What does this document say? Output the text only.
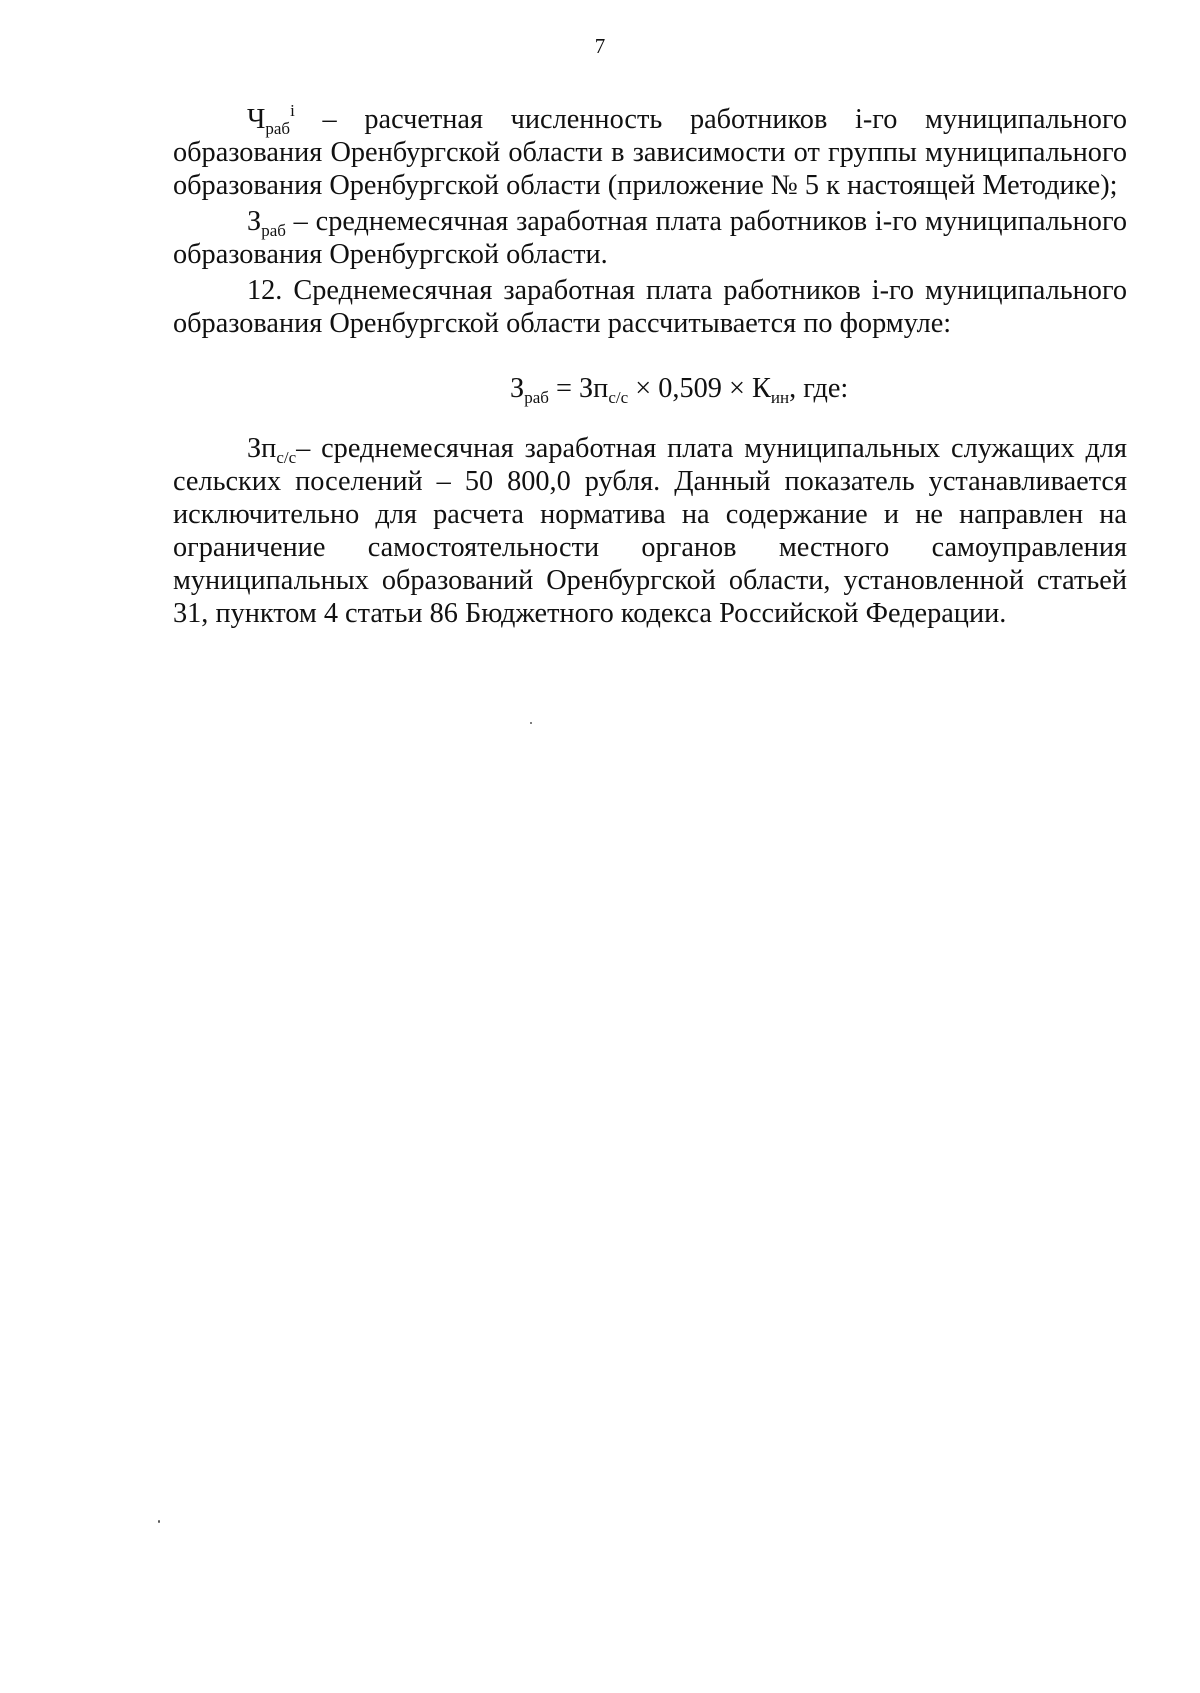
7

$Ч_{раб}^i$ – расчетная численность работников i-го муниципального образования Оренбургской области в зависимости от группы муниципального образования Оренбургской области (приложение № 5 к настоящей Методике);

$З_{раб}$ – среднемесячная заработная плата работников i-го муниципального образования Оренбургской области.

12. Среднемесячная заработная плата работников i-го муниципального образования Оренбургской области рассчитывается по формуле:

$З_{раб} = Зп_{с/с} \times 0,509 \times К_{ин}$, где:

$Зп_{с/с}-$ среднемесячная заработная плата муниципальных служащих для сельских поселений – 50 800,0 рубля. Данный показатель устанавливается исключительно для расчета норматива на содержание и не направлен на ограничение самостоятельности органов местного самоуправления муниципальных образований Оренбургской области, установленной статьей 31, пунктом 4 статьи 86 Бюджетного кодекса Российской Федерации.
